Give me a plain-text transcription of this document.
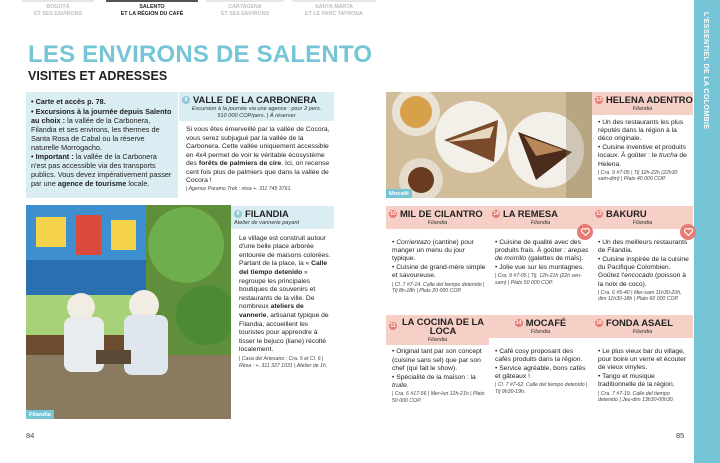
BOGOTÁ
ET SES ENVIRONS
SALENTO
ET LA RÉGION DU CAFÉ
CARTAGENA
ET SES ENVIRONS
SANTA MARTA
ET LE PARC TAYRONA	L'ESSENTIEL DE LA COLOMBIE
LES ENVIRONS DE SALENTO
VISITES ET ADRESSES

• Carte et accès p. 78.

• Excursions à la journée depuis Salento au choix : la vallée de la Carbonera, Filandia et ses environs, les thermes de Santa Rosa de Cabal ou la réserve naturelle Morrogacho.

• Important : la vallée de la Carbonera n'est pas accessible via des transports publics. Vous devez impérativement passer par une agence de tourisme locale.

8 VALLE DE LA CARBONERA
Excursion à la journée via une agence : pour 2 pers.
510 000 COP/pers. | À réserver
Si vous êtes émerveillé par la vallée de Cocora, vous serez subjugué par la vallée de la Carbonera. Cette vallée uniquement accessible en 4x4 permet de voir le véritable écosystème des forêts de palmiers de cire. Ici, on recense cent fois plus de palmiers que dans la vallée de Cocora !
| Agence Paramo Trek : résa +. 311 745 3761.
Filandia
9 FILANDIA
Atelier de vannerie payant
Le village est construit autour d'une belle place arborée entourée de maisons colorées. Partant de la place, la « Calle del tiempo detenido » regroupe les principales boutiques de souvenirs et restaurants de la ville. De nombreux ateliers de vannerie, artisanat typique de Filandia, accueillent les touristes pour apprendre à tisser le bejuco (liane) récolté localement.
| Casa del Artesano : Cra. 5 et Cl. 6 | Résa : +. 311 327 1031 | Atelier de 1h.
Mocafé
13 HELENA ADENTRO
Filandia
• Un des restaurants les plus réputés dans la région à la déco originale.
• Cuisine inventive et produits locaux. À goûter : le trucha de Helena.
| Cra. 9 #7-05 | Tlj 12h-22h (22h30 sam-dim) | Plats 40 000 COP.
10 MIL DE CILANTRO
Filandia
• Corrientazo (cantine) pour manger un menu du jour typique.
• Cuisine de grand-mère simple et savoureuse.
| Cl. 7 #7-14. Calle del tiempo detenido | Tlj 8h-18h | Plats 20 000 COP.
14 LA REMESA
Filandia
• Cuisine de qualité avec des produits frais. À goûter : arepas de morrillo (galettes de maïs).
• Jolie vue sur les montagnes.
| Cra. 9 #7-05 | Tlj. 12h-21h (22h ven-sam) | Plats 50 000 COP.
13 BAKURU
Filandia
• Un des meilleurs restaurants de Filandia.
• Cuisine inspirée de la cuisine du Pacifique Colombien. Goûtez l'encocado (poisson à la noix de coco).
| Cra. 6 #5-40 | Mer-sam 11h30-20h, dim 11h30-18h | Plats 60 000 COP.
11 LA COCINA DE LA LOCA
Filandia
• Original tant par son concept (cuisine sans sel) que par son chef (qui fait le show).
• Spécialité de la maison : la truite.
| Cra. 6 #17-56 | Mer-lun 12h-21h | Plats 50 000 COP.
14 MOCAFÉ
Filandia
• Café cosy proposant des cafés produits dans la région.
• Service agréable, bons cafés et gâteaux !
| Cl. 7 #7-62. Calle del tiempo detenido | Tlj 9h30-19h.
18 FONDA ASAEL
Filandia
• Le plus vieux bar du village, pour boire un verre et écouter de vieux vinyles.
• Tango et musique traditionnelle de la région.
| Cra. 7 #7-19. Calle del tiempo detenido | Jeu-dim 13h30-00h30.
84	85
